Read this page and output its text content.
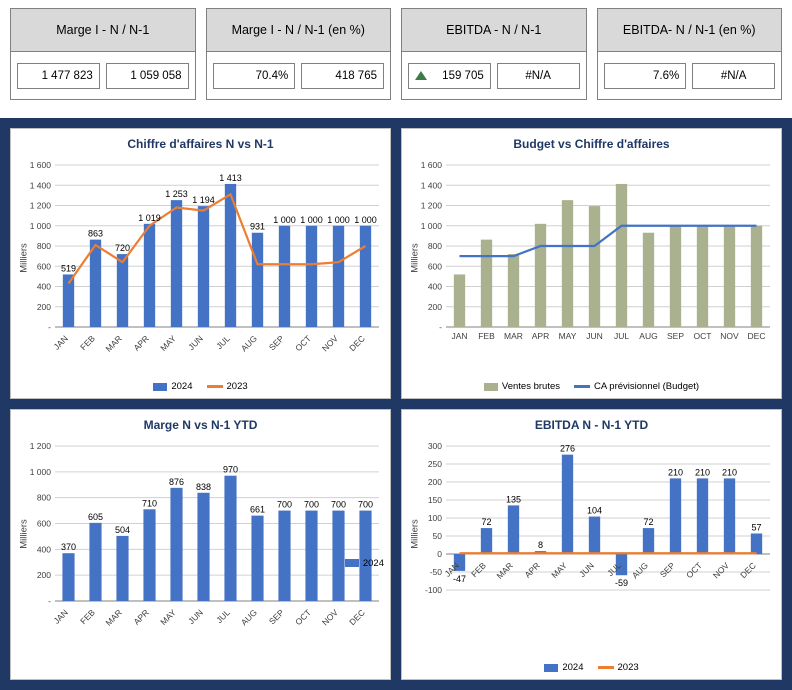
Marge I - N / N-1
1 477 823	1 059 058
Marge I - N / N-1 (en %)
70.4%	418 765
EBITDA - N / N-1
159 705	#N/A
EBITDA- N / N-1 (en %)
7.6%	#N/A
Chiffre d'affaires N vs N-1
Milliers
-
200
400
600
800
1 000
1 200
1 400
1 600
519
863
720
1 019
1 253
1 194
1 413
931
1 000 1 000 1 000 1 000
JAN FEB MAR APR MAY JUN JUL AUG SEP OCT NOV DEC
2024	2023
Budget vs Chiffre d'affaires
Milliers
-
200
400
600
800
1 000
1 200
1 400
1 600
JAN FEB MAR APR MAY JUN JUL AUG SEP OCT NOV DEC
Ventes brutes	CA prévisionnel (Budget)
Marge N vs N-1 YTD
Milliers
-
200
400
600
800
1 000
1 200
370
605
504
710
876 838
970
661
700 700 700 700
JAN FEB MAR APR MAY JUN JUL AUG SEP OCT NOV DEC
2024
EBITDA N - N-1 YTD
Milliers
300
250
200
150
100
50
0
-50
-100
-47
72
135
8
276
104
-59
72
210 210 210
57
JAN FEB MAR APR MAY JUN JUL AUG SEP OCT NOV DEC
2024	2023
